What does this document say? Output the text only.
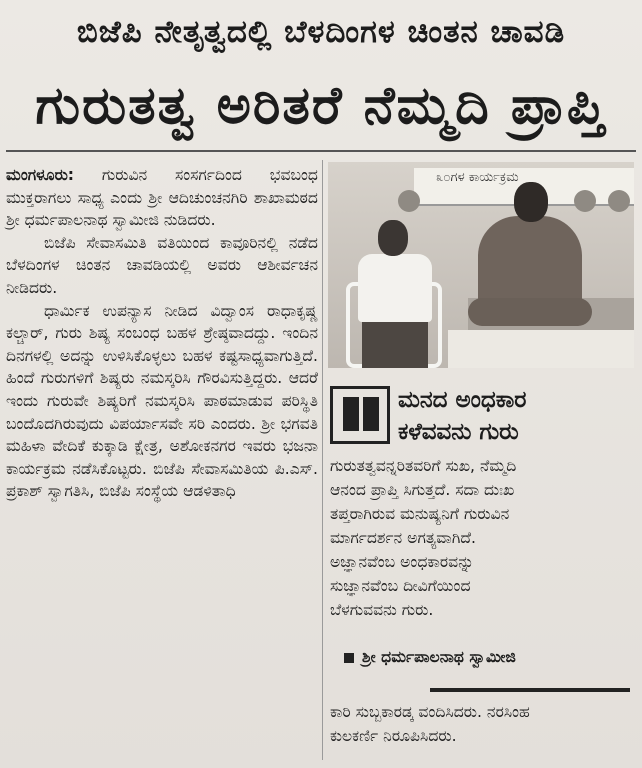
ಬಿಜೆಪಿ ನೇತೃತ್ವದಲ್ಲಿ ಬೆಳದಿಂಗಳ ಚಿಂತನ ಚಾವಡಿ
ಗುರುತತ್ವ ಅರಿತರೆ ನೆಮ್ಮದಿ ಪ್ರಾಪ್ತಿ

ಮಂಗಳೂರು: ಗುರುವಿನ ಸಂಸರ್ಗದಿಂದ ಭವಬಂಧ ಮುಕ್ತರಾಗಲು ಸಾಧ್ಯ ಎಂದು ಶ್ರೀ ಆದಿಚುಂಚನಗಿರಿ ಶಾಖಾಮಠದ ಶ್ರೀ ಧರ್ಮಪಾಲನಾಥ ಸ್ವಾಮೀಜಿ ನುಡಿದರು.

ಬಿಜೆಪಿ ಸೇವಾಸಮಿತಿ ವತಿಯಿಂದ ಕಾವೂರಿನಲ್ಲಿ ನಡೆದ ಬೆಳದಿಂಗಳ ಚಿಂತನ ಚಾವಡಿಯಲ್ಲಿ ಅವರು ಆಶೀರ್ವಚನ ನೀಡಿದರು.

ಧಾರ್ಮಿಕ ಉಪನ್ಯಾಸ ನೀಡಿದ ವಿದ್ವಾಂಸ ರಾಧಾಕೃಷ್ಣ ಕಲ್ಚಾರ್, ಗುರು ಶಿಷ್ಯ ಸಂಬಂಧ ಬಹಳ ಶ್ರೇಷ್ಠವಾದದ್ದು. ಇಂದಿನ ದಿನಗಳಲ್ಲಿ ಅದನ್ನು ಉಳಿಸಿಕೊಳ್ಳಲು ಬಹಳ ಕಷ್ಟಸಾಧ್ಯವಾಗುತ್ತಿದೆ. ಹಿಂದೆ ಗುರುಗಳಿಗೆ ಶಿಷ್ಯರು ನಮಸ್ಕರಿಸಿ ಗೌರವಿಸುತ್ತಿದ್ದರು. ಆದರೆ ಇಂದು ಗುರುವೇ ಶಿಷ್ಯರಿಗೆ ನಮಸ್ಕರಿಸಿ ಪಾಠಮಾಡುವ ಪರಿಸ್ಥಿತಿ ಬಂದೊದಗಿರುವುದು ವಿಪರ್ಯಾಸವೇ ಸರಿ ಎಂದರು. ಶ್ರೀ ಭಗವತಿ ಮಹಿಳಾ ವೇದಿಕೆ ಕುಕ್ಕಾಡಿ ಕ್ಷೇತ್ರ, ಅಶೋಕನಗರ ಇವರು ಭಜನಾ ಕಾರ್ಯಕ್ರಮ ನಡೆಸಿಕೊಟ್ಟರು. ಬಿಜೆಪಿ ಸೇವಾಸಮಿತಿಯ ಪಿ.ಎಸ್. ಪ್ರಕಾಶ್ ಸ್ವಾಗತಿಸಿ, ಬಿಜೆಪಿ ಸಂಸ್ಥೆಯ ಆಡಳಿತಾಧಿ

೩೦ಗಳ ಕಾರ್ಯಕ್ರಮ
ಮನದ ಅಂಧಕಾರ
ಕಳೆವವನು ಗುರು
ಗುರುತತ್ವವನ್ನರಿತವರಿಗೆ ಸುಖ, ನೆಮ್ಮದಿ
ಆನಂದ ಪ್ರಾಪ್ತಿ ಸಿಗುತ್ತದೆ. ಸದಾ ದುಃಖ
ತಪ್ತರಾಗಿರುವ ಮನುಷ್ಯನಿಗೆ ಗುರುವಿನ
ಮಾರ್ಗದರ್ಶನ ಅಗತ್ಯವಾಗಿದೆ.
ಅಜ್ಞಾನವೆಂಬ ಅಂಧಕಾರವನ್ನು
ಸುಜ್ಞಾನವೆಂಬ ದೀವಿಗೆಯಿಂದ
ಬೆಳಗುವವನು ಗುರು.
ಶ್ರೀ ಧರ್ಮಪಾಲನಾಥ ಸ್ವಾಮೀಜಿ
ಕಾರಿ ಸುಬ್ಬಕಾರಡ್ಕ ವಂದಿಸಿದರು. ನರಸಿಂಹ
ಕುಲಕರ್ಣಿ ನಿರೂಪಿಸಿದರು.
